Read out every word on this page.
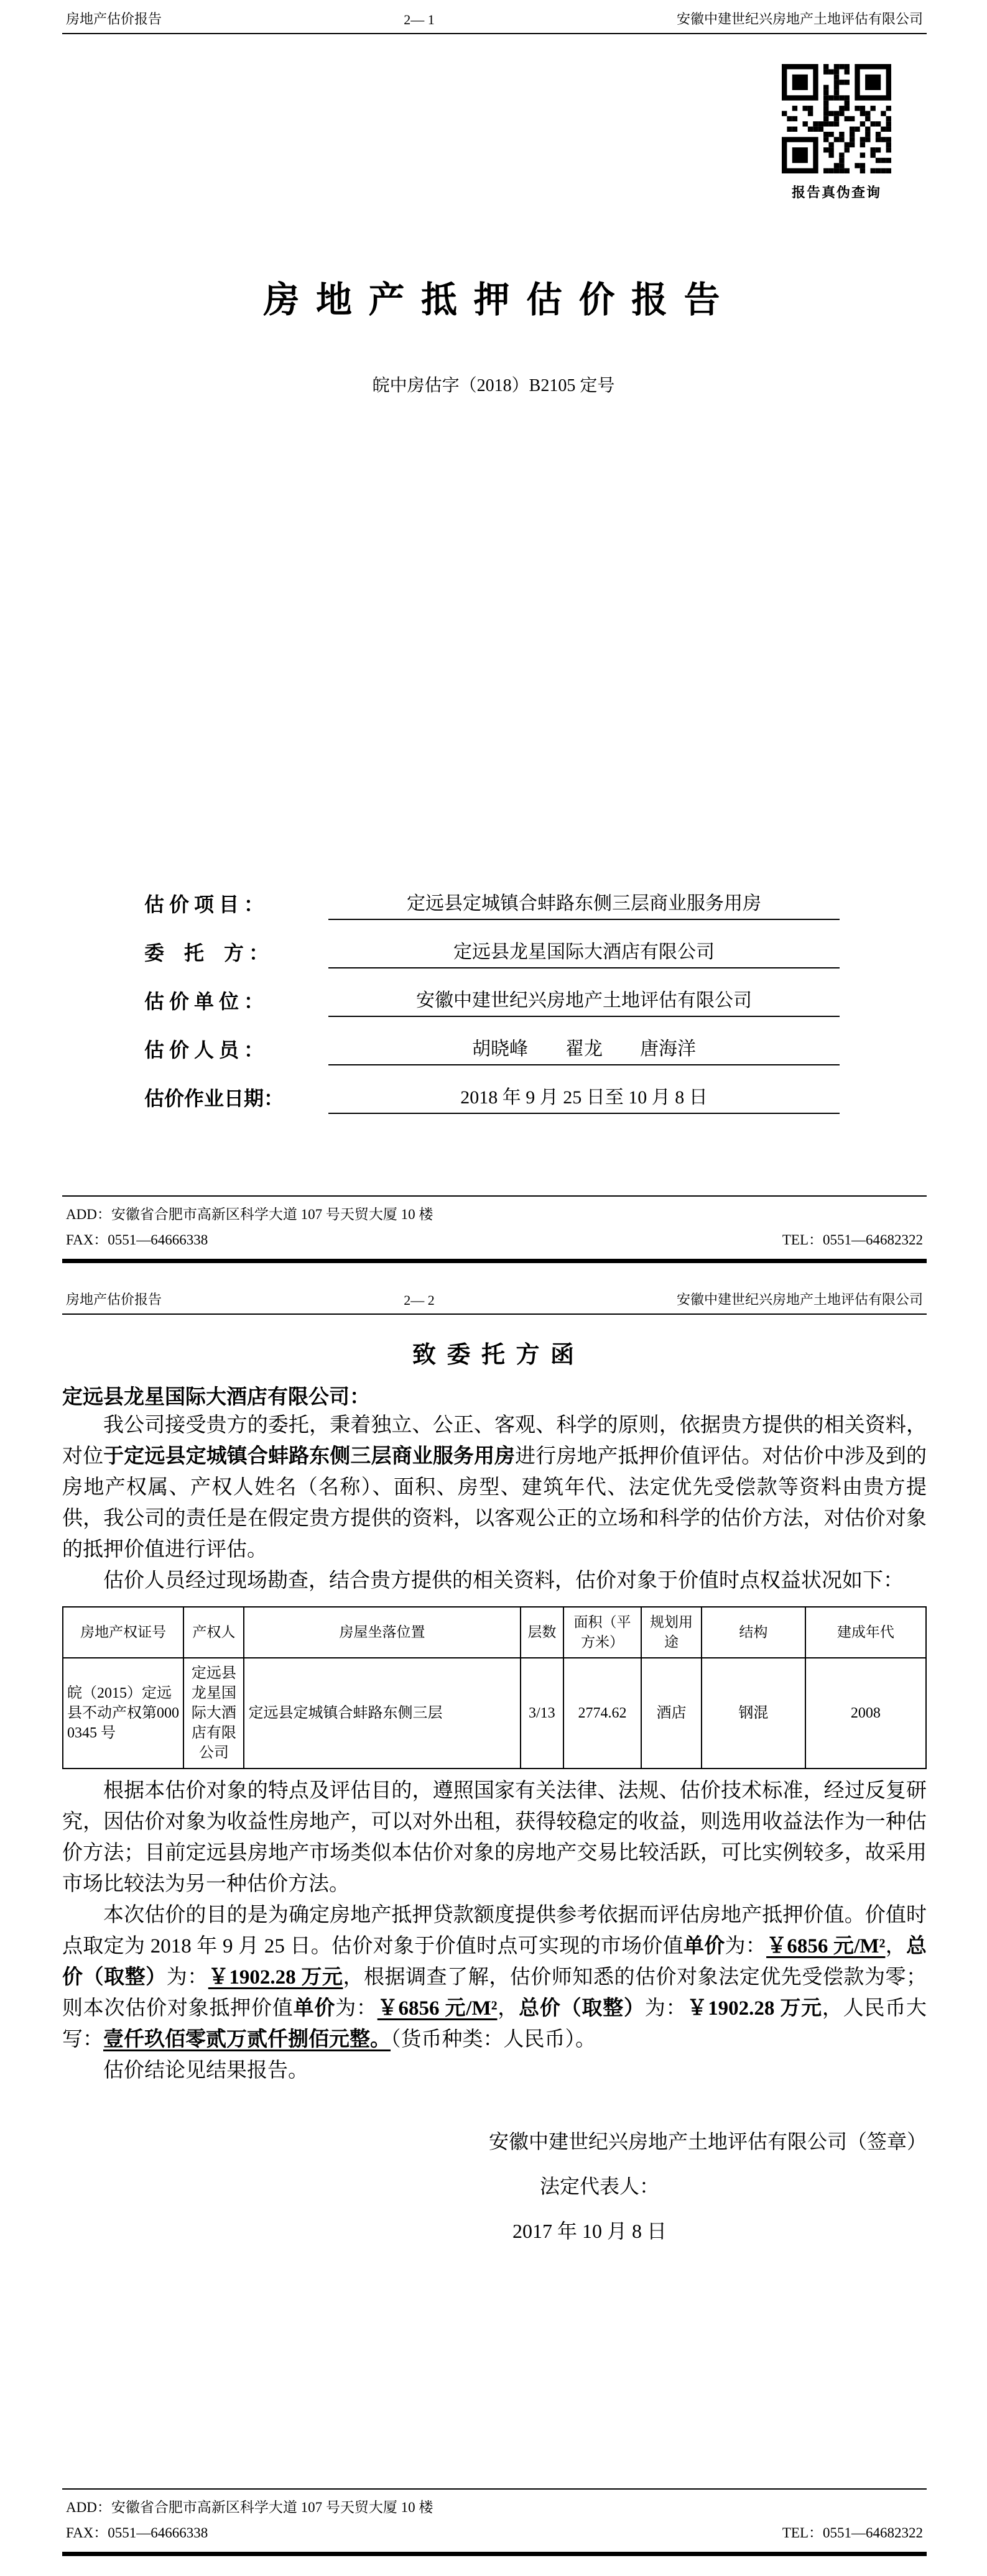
房地产估价报告	2— 1	安徽中建世纪兴房地产土地评估有限公司
报告真伪查询
房 地 产 抵 押 估 价 报 告
皖中房估字（2018）B2105 定号
估 价 项 目 ：	定远县定城镇合蚌路东侧三层商业服务用房
委　托　方 ：	定远县龙星国际大酒店有限公司
估 价 单 位 ：	安徽中建世纪兴房地产土地评估有限公司
估 价 人 员 ：	胡晓峰　　翟龙　　唐海洋
估价作业日期：	2018 年 9 月 25 日至 10 月 8 日
ADD：安徽省合肥市高新区科学大道 107 号天贸大厦 10 楼
FAX：0551—64666338	TEL：0551—64682322
房地产估价报告	2— 2	安徽中建世纪兴房地产土地评估有限公司
致 委 托 方 函
定远县龙星国际大酒店有限公司：

我公司接受贵方的委托，秉着独立、公正、客观、科学的原则，依据贵方提供的相关资料，对位于定远县定城镇合蚌路东侧三层商业服务用房进行房地产抵押价值评估。对估价中涉及到的房地产权属、产权人姓名（名称）、面积、房型、建筑年代、法定优先受偿款等资料由贵方提供，我公司的责任是在假定贵方提供的资料，以客观公正的立场和科学的估价方法，对估价对象的抵押价值进行评估。

估价人员经过现场勘查，结合贵方提供的相关资料，估价对象于价值时点权益状况如下：

房地产权证号	产权人	房屋坐落位置	层数	面积（平方米）	规划用途	结构	建成年代
皖（2015）定远县不动产权第0000345 号	定远县龙星国际大酒店有限公司	定远县定城镇合蚌路东侧三层	3/13	2774.62	酒店	钢混	2008

根据本估价对象的特点及评估目的，遵照国家有关法律、法规、估价技术标准，经过反复研究，因估价对象为收益性房地产，可以对外出租，获得较稳定的收益，则选用收益法作为一种估价方法；目前定远县房地产市场类似本估价对象的房地产交易比较活跃，可比实例较多，故采用市场比较法为另一种估价方法。

本次估价的目的是为确定房地产抵押贷款额度提供参考依据而评估房地产抵押价值。价值时点取定为 2018 年 9 月 25 日。估价对象于价值时点可实现的市场价值单价为：￥6856 元/M²，总价（取整）为：￥1902.28 万元，根据调查了解，估价师知悉的估价对象法定优先受偿款为零；则本次估价对象抵押价值单价为：￥6856 元/M²，总价（取整）为：￥1902.28 万元，人民币大写：壹仟玖佰零贰万贰仟捌佰元整。（货币种类：人民币）。

估价结论见结果报告。

安徽中建世纪兴房地产土地评估有限公司（签章）
法定代表人：
2017 年 10 月 8 日
ADD：安徽省合肥市高新区科学大道 107 号天贸大厦 10 楼
FAX：0551—64666338	TEL：0551—64682322
